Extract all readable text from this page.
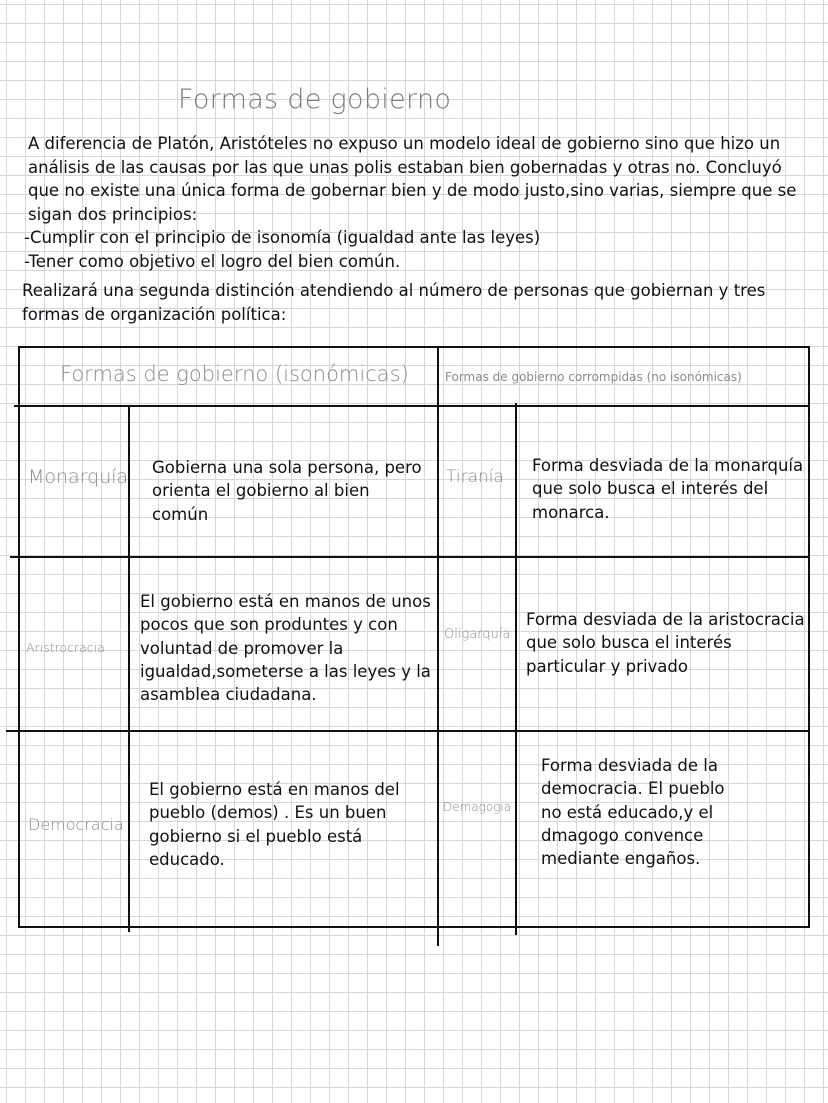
Formas de gobierno

A diferencia de Platón, Aristóteles no expuso un modelo ideal de gobierno sino que hizo un análisis de las causas por las que unas polis estaban bien gobernadas y otras no. Concluyó que no existe una única forma de gobernar bien y de modo justo,sino varias, siempre que se sigan dos principios:

-Cumplir con el principio de isonomía (igualdad ante las leyes)

-Tener como objetivo el logro del bien común.

Realizará una segunda distinción atendiendo al número de personas que gobiernan y tres formas de organización política:

Formas de gobierno (isonómicas)	Formas de gobierno corrompidas (no isonómicas)
Monarquía Gobierna una sola persona, pero orienta el gobierno al bien común
Tiranía
Forma desviada de la monarquía que solo busca el interés del monarca.
Aristrocracia
El gobierno está en manos de unos pocos que son produntes y con voluntad de promover la igualdad,someterse a las leyes y la asamblea ciudadana.
Oligarquía
Forma desviada de la aristocracia que solo busca el interés particular y privado
Democracia
El gobierno está en manos del pueblo (demos) . Es un buen gobierno si el pueblo está educado.
Demagogia
Forma desviada de la democracia. El pueblo no está educado,y el dmagogo convence mediante engaños.
